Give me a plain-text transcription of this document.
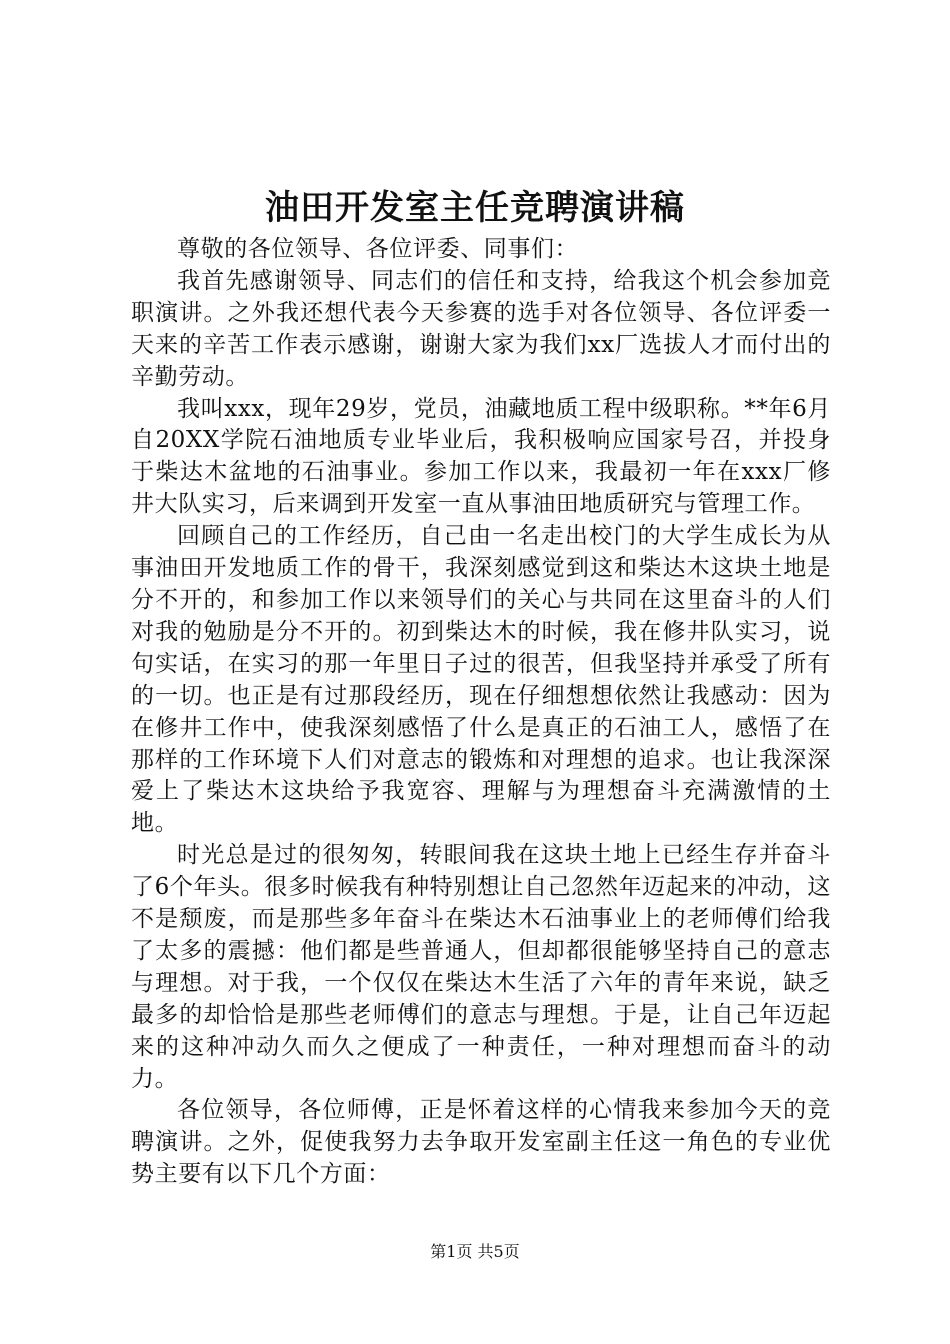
油田开发室主任竞聘演讲稿

尊敬的各位领导、各位评委、同事们：

我首先感谢领导、同志们的信任和支持，给我这个机会参加竞职演讲。之外我还想代表今天参赛的选手对各位领导、各位评委一天来的辛苦工作表示感谢，谢谢大家为我们xx厂选拔人才而付出的辛勤劳动。

我叫xxx，现年29岁，党员，油藏地质工程中级职称。**年6月自20XX学院石油地质专业毕业后，我积极响应国家号召，并投身于柴达木盆地的石油事业。参加工作以来，我最初一年在xxx厂修井大队实习，后来调到开发室一直从事油田地质研究与管理工作。

回顾自己的工作经历，自己由一名走出校门的大学生成长为从事油田开发地质工作的骨干，我深刻感觉到这和柴达木这块土地是分不开的，和参加工作以来领导们的关心与共同在这里奋斗的人们对我的勉励是分不开的。初到柴达木的时候，我在修井队实习，说句实话，在实习的那一年里日子过的很苦，但我坚持并承受了所有的一切。也正是有过那段经历，现在仔细想想依然让我感动：因为在修井工作中，使我深刻感悟了什么是真正的石油工人，感悟了在那样的工作环境下人们对意志的锻炼和对理想的追求。也让我深深爱上了柴达木这块给予我宽容、理解与为理想奋斗充满激情的土地。

时光总是过的很匆匆，转眼间我在这块土地上已经生存并奋斗了6个年头。很多时候我有种特别想让自己忽然年迈起来的冲动，这不是颓废，而是那些多年奋斗在柴达木石油事业上的老师傅们给我了太多的震撼：他们都是些普通人，但却都很能够坚持自己的意志与理想。对于我，一个仅仅在柴达木生活了六年的青年来说，缺乏最多的却恰恰是那些老师傅们的意志与理想。于是，让自己年迈起来的这种冲动久而久之便成了一种责任，一种对理想而奋斗的动力。

各位领导，各位师傅，正是怀着这样的心情我来参加今天的竞聘演讲。之外，促使我努力去争取开发室副主任这一角色的专业优势主要有以下几个方面：

第1页 共5页
